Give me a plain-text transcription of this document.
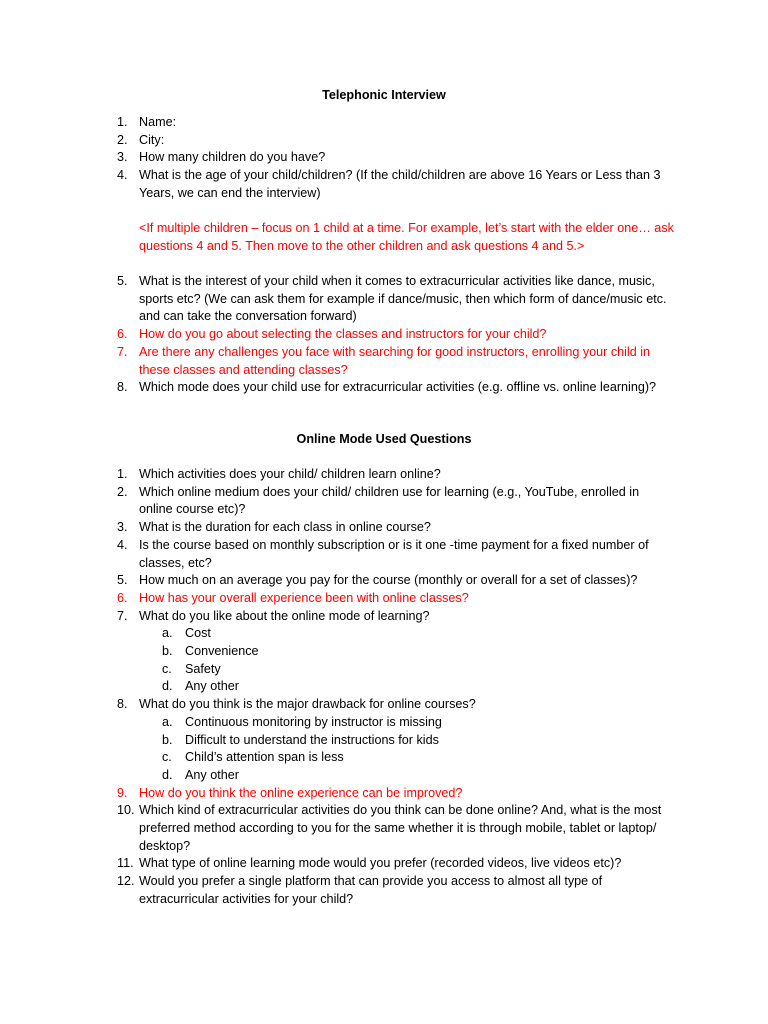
Telephonic Interview
1. Name:
2. City:
3. How many children do you have?
4. What is the age of your child/children? (If the child/children are above 16 Years or Less than 3 Years, we can end the interview)
<If multiple children – focus on 1 child at a time. For example, let’s start with the elder one… ask questions 4 and 5. Then move to the other children and ask questions 4 and 5.>
5. What is the interest of your child when it comes to extracurricular activities like dance, music, sports etc? (We can ask them for example if dance/music, then which form of dance/music etc. and can take the conversation forward)
6. How do you go about selecting the classes and instructors for your child?
7. Are there any challenges you face with searching for good instructors, enrolling your child in these classes and attending classes?
8. Which mode does your child use for extracurricular activities (e.g. offline vs. online learning)?
Online Mode Used Questions
1. Which activities does your child/ children learn online?
2. Which online medium does your child/ children use for learning (e.g., YouTube, enrolled in online course etc)?
3. What is the duration for each class in online course?
4. Is the course based on monthly subscription or is it one -time payment for a fixed number of classes, etc?
5. How much on an average you pay for the course (monthly or overall for a set of classes)?
6. How has your overall experience been with online classes?
7. What do you like about the online mode of learning?
a. Cost
b. Convenience
c. Safety
d. Any other
8. What do you think is the major drawback for online courses?
a. Continuous monitoring by instructor is missing
b. Difficult to understand the instructions for kids
c. Child’s attention span is less
d. Any other
9. How do you think the online experience can be improved?
10. Which kind of extracurricular activities do you think can be done online? And, what is the most preferred method according to you for the same whether it is through mobile, tablet or laptop/ desktop?
11. What type of online learning mode would you prefer (recorded videos, live videos etc)?
12. Would you prefer a single platform that can provide you access to almost all type of extracurricular activities for your child?
